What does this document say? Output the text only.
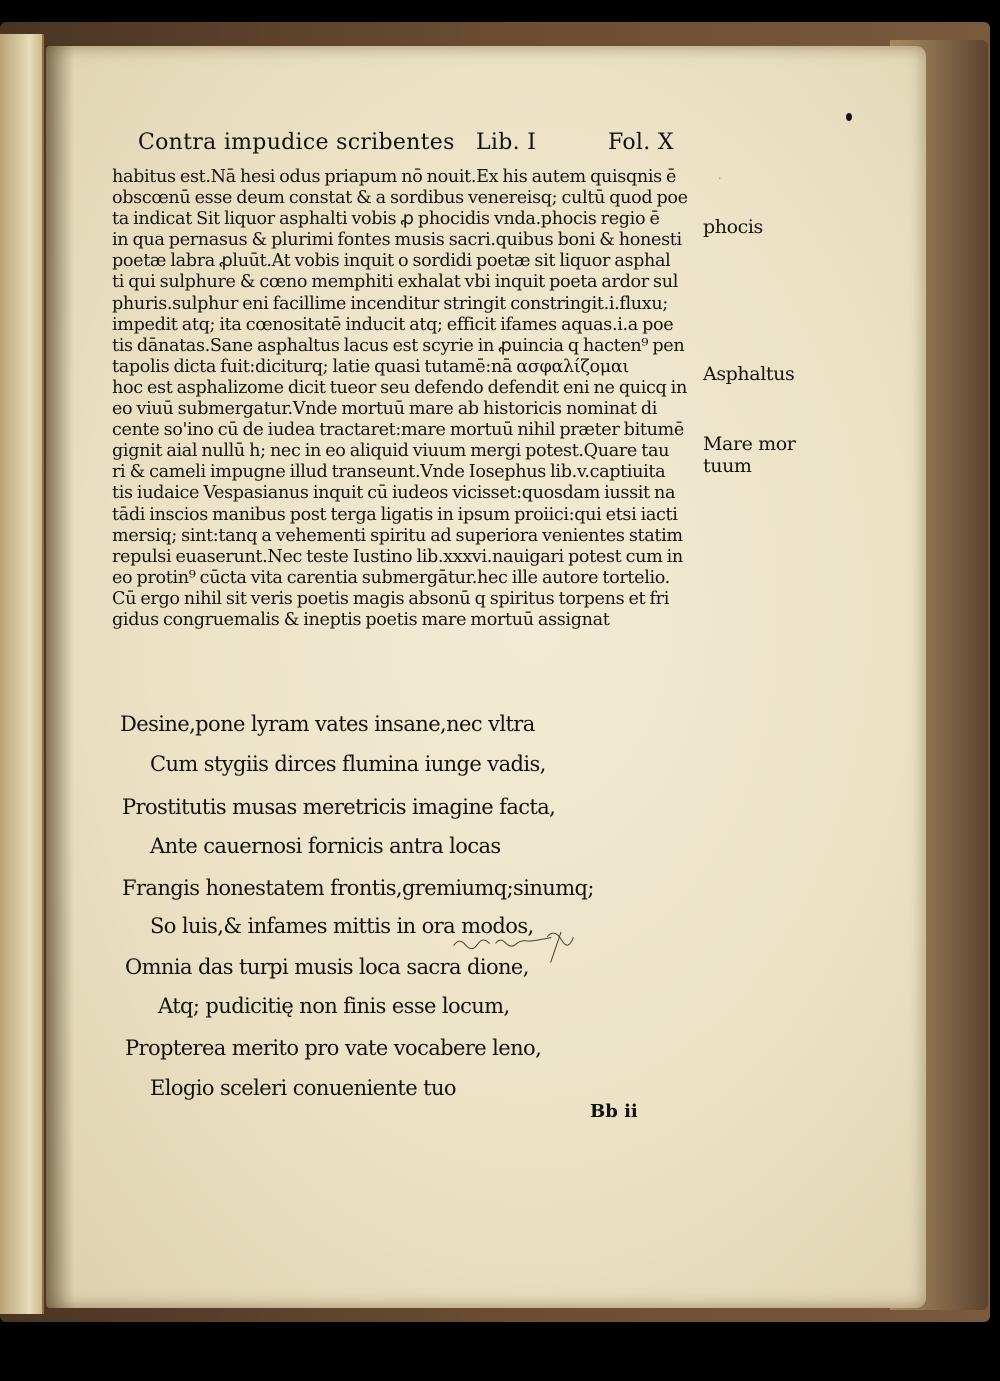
·
Contra impudice scribentes Lib. I	Fol. X
habitus est.Nā hesi odus priapum nō nouit.Ex his autem quisqnis ē
obscœnū esse deum constat & a sordibus venereisq; cultū quod poe
ta indicat Sit liquor asphalti vobis ꝓ phocidis vnda.phocis regio ē
in qua pernasus & plurimi fontes musis sacri.quibus boni & honesti
poetæ labra ꝓluūt.At vobis inquit o sordidi poetæ sit liquor asphal
ti qui sulphure & cœno memphiti exhalat vbi inquit poeta ardor sul
phuris.sulphur eni facillime incenditur stringit constringit.i.fluxu;
impedit atq; ita cœnositatē inducit atq; efficit ifames aquas.i.a poe
tis dānatas.Sane asphaltus lacus est scyrie in ꝓuincia q hacten⁹ pen
tapolis dicta fuit:diciturq; latie quasi tutamē:nā ασφαλίζομαι
hoc est asphalizome dicit tueor seu defendo defendit eni ne quicq in
eo viuū submergatur.Vnde mortuū mare ab historicis nominat di
cente so'ino cū de iudea tractaret:mare mortuū nihil præter bitumē
gignit aial nullū h; nec in eo aliquid viuum mergi potest.Quare tau
ri & cameli impugne illud transeunt.Vnde Iosephus lib.v.captiuita
tis iudaice Vespasianus inquit cū iudeos vicisset:quosdam iussit na
tādi inscios manibus post terga ligatis in ipsum proiici:qui etsi iacti
mersiq; sint:tanq a vehementi spiritu ad superiora venientes statim
repulsi euaserunt.Nec teste Iustino lib.xxxvi.nauigari potest cum in
eo protin⁹ cūcta vita carentia submergātur.hec ille autore tortelio.
Cū ergo nihil sit veris poetis magis absonū q spiritus torpens et fri
gidus congruemalis & ineptis poetis mare mortuū assignat
phocis
Asphaltus
Mare mor
tuum
Desine,pone lyram vates insane,nec vltra
Cum stygiis dirces flumina iunge vadis,
Prostitutis musas meretricis imagine facta,
Ante cauernosi fornicis antra locas
Frangis honestatem frontis,gremiumq;sinumq;
So luis,& infames mittis in ora modos,
Omnia das turpi musis loca sacra dione,
Atq; pudicitię non finis esse locum,
Propterea merito pro vate vocabere leno,
Elogio sceleri conueniente tuo
Bb ii
